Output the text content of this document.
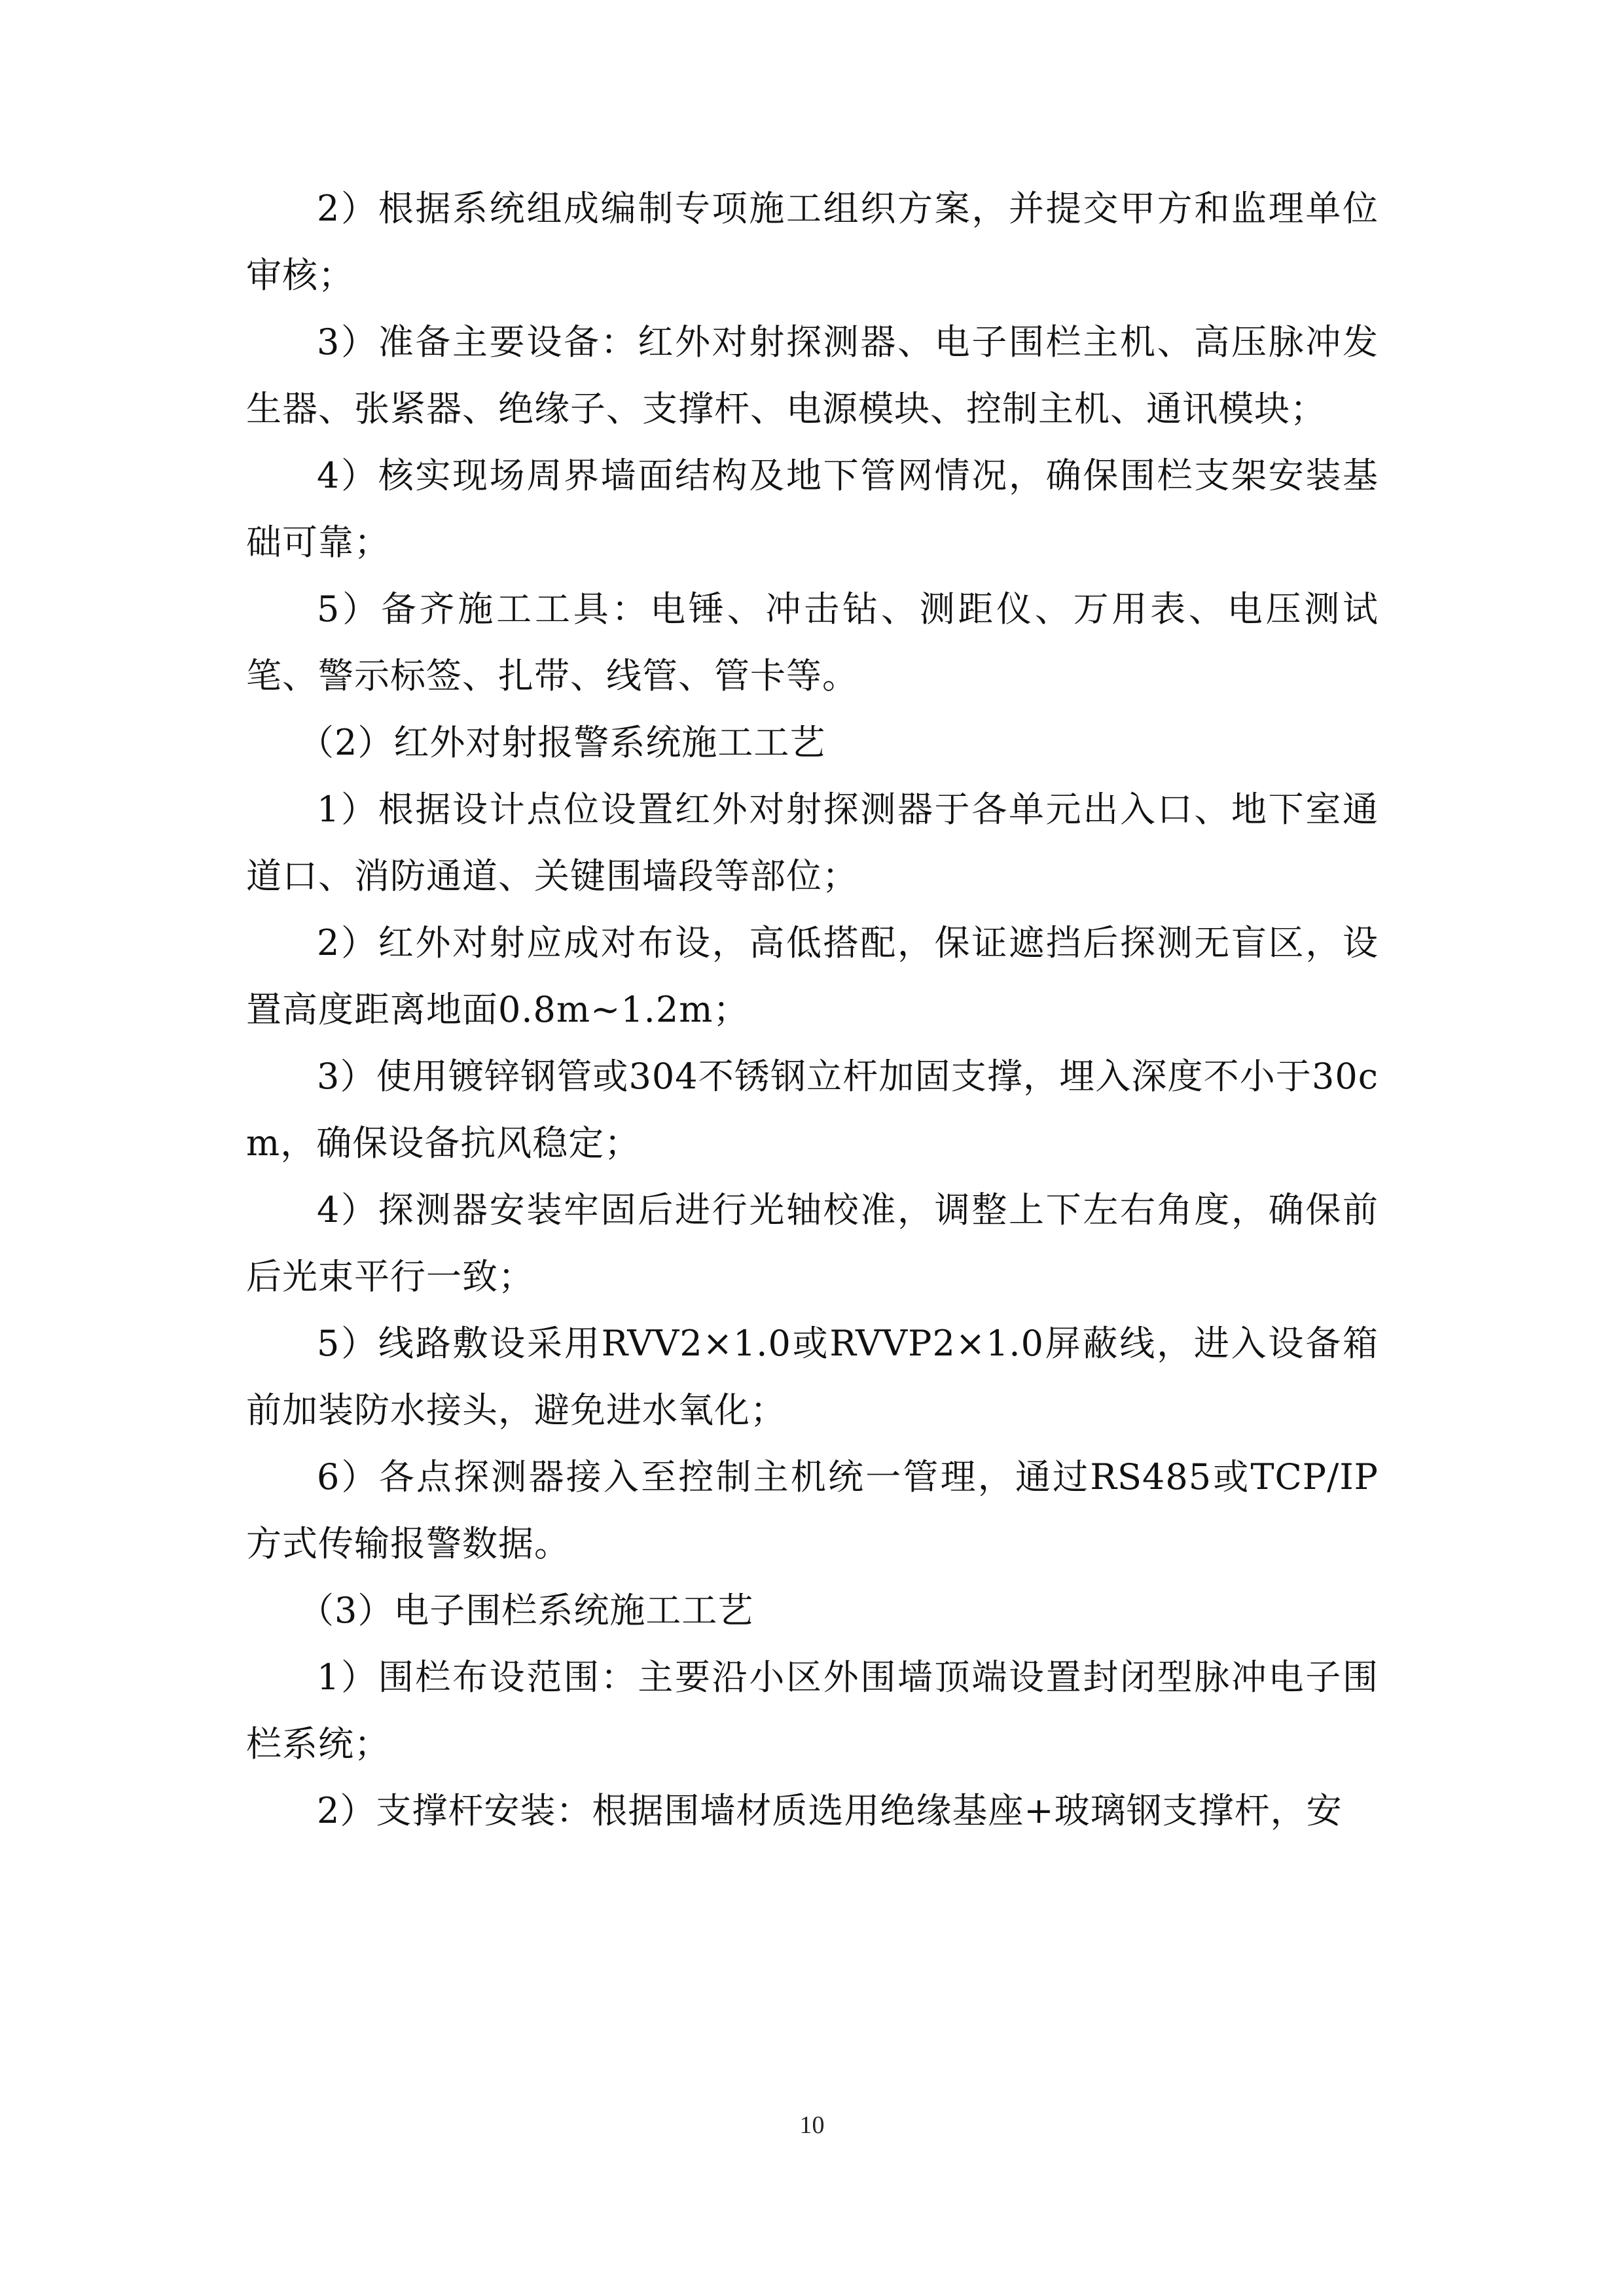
2）根据系统组成编制专项施工组织方案，并提交甲方和监理单位审核；

3）准备主要设备：红外对射探测器、电子围栏主机、高压脉冲发生器、张紧器、绝缘子、支撑杆、电源模块、控制主机、通讯模块；

4）核实现场周界墙面结构及地下管网情况，确保围栏支架安装基础可靠；

5）备齐施工工具：电锤、冲击钻、测距仪、万用表、电压测试笔、警示标签、扎带、线管、管卡等。

（2）红外对射报警系统施工工艺

1）根据设计点位设置红外对射探测器于各单元出入口、地下室通道口、消防通道、关键围墙段等部位；

2）红外对射应成对布设，高低搭配，保证遮挡后探测无盲区，设置高度距离地面0.8m~1.2m；

3）使用镀锌钢管或304不锈钢立杆加固支撑，埋入深度不小于30cm，确保设备抗风稳定；

4）探测器安装牢固后进行光轴校准，调整上下左右角度，确保前后光束平行一致；

5）线路敷设采用RVV2×1.0或RVVP2×1.0屏蔽线，进入设备箱前加装防水接头，避免进水氧化；

6）各点探测器接入至控制主机统一管理，通过RS485或TCP/IP方式传输报警数据。

（3）电子围栏系统施工工艺

1）围栏布设范围：主要沿小区外围墙顶端设置封闭型脉冲电子围栏系统；

2）支撑杆安装：根据围墙材质选用绝缘基座+玻璃钢支撑杆，安

10
